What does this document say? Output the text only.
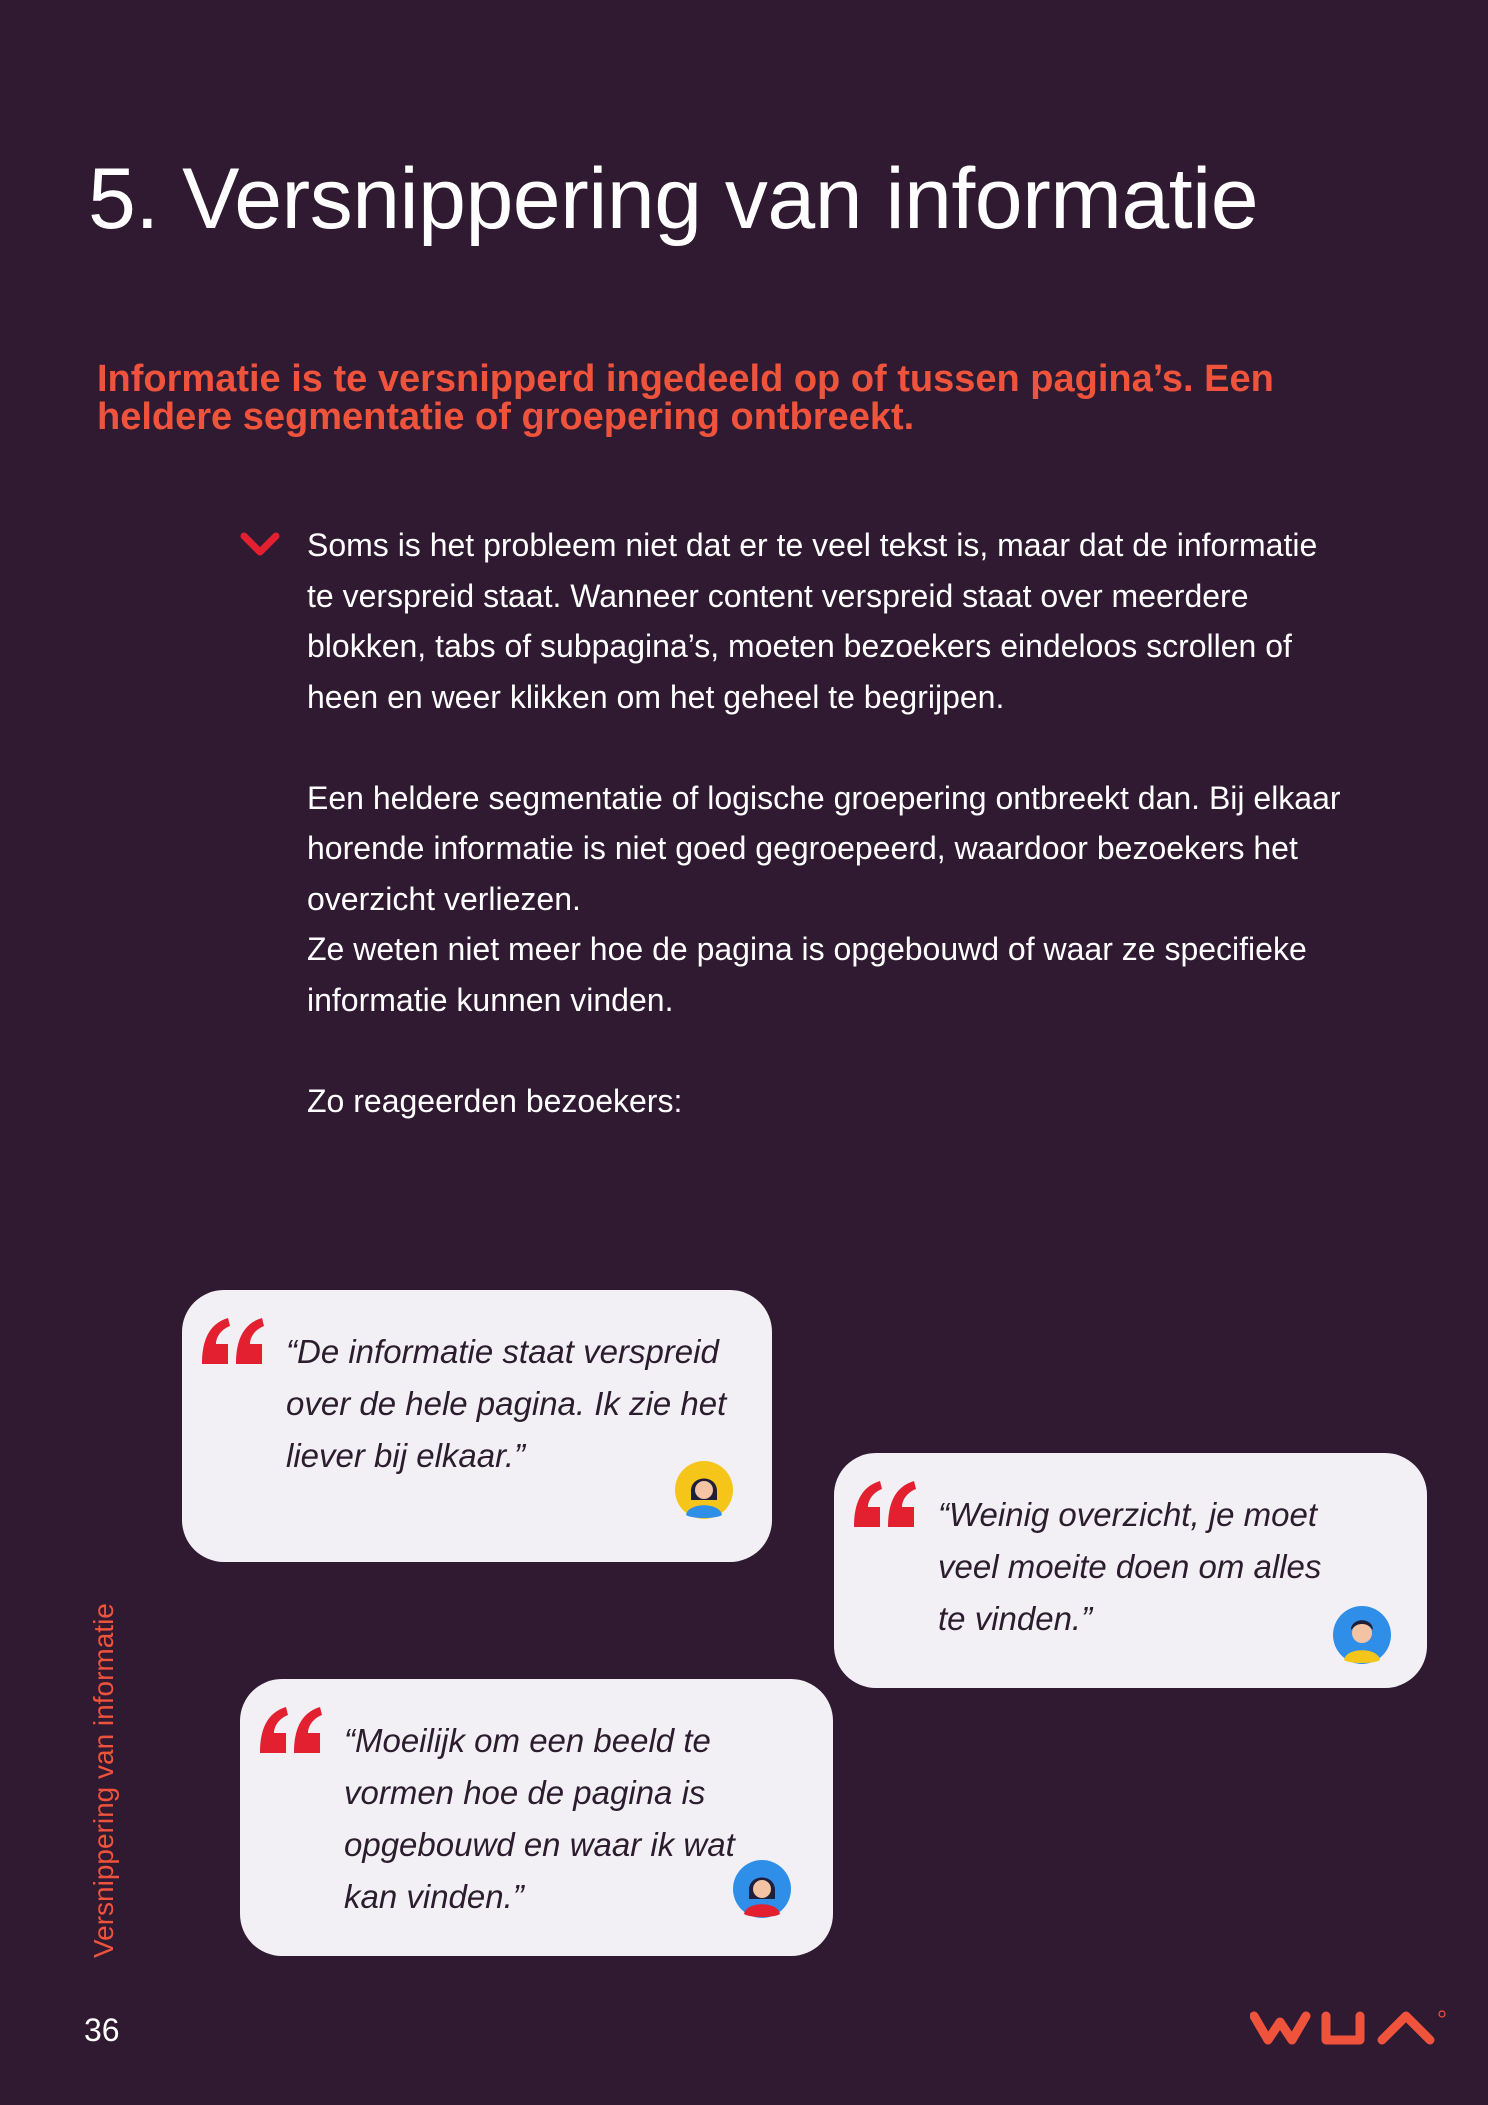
5. Versnippering van informatie

Informatie is te versnipperd ingedeeld op of tussen pagina’s. Een heldere segmentatie of groepering ontbreekt.

Soms is het probleem niet dat er te veel tekst is, maar dat de informatie te verspreid staat. Wanneer content verspreid staat over meerdere blokken, tabs of subpagina’s, moeten bezoekers eindeloos scrollen of heen en weer klikken om het geheel te begrijpen.

Een heldere segmentatie of logische groepering ontbreekt dan. Bij elkaar horende informatie is niet goed gegroepeerd, waardoor bezoekers het overzicht verliezen.

Ze weten niet meer hoe de pagina is opgebouwd of waar ze specifieke informatie kunnen vinden.

Zo reageerden bezoekers:

“De informatie staat verspreid over de hele pagina. Ik zie het liever bij elkaar.”
“Weinig overzicht, je moet veel moeite doen om alles te vinden.”
“Moeilijk om een beeld te vormen hoe de pagina is opgebouwd en waar ik wat kan vinden.”
Versnippering van informatie
36
